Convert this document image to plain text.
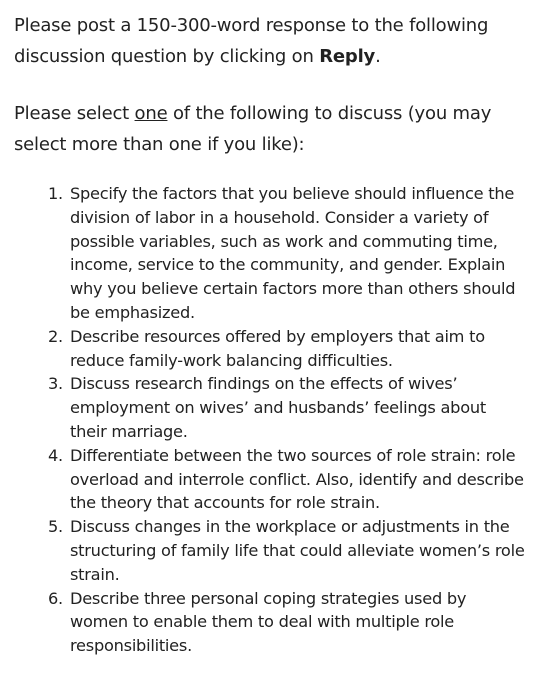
Please post a 150-300-word response to the following discussion question by clicking on Reply.

Please select one of the following to discuss (you may select more than one if you like):

1. Specify the factors that you believe should influence the division of labor in a household. Consider a variety of possible variables, such as work and commuting time, income, service to the community, and gender. Explain why you believe certain factors more than others should be emphasized.
2. Describe resources offered by employers that aim to reduce family-work balancing difficulties.
3. Discuss research findings on the effects of wives’ employment on wives’ and husbands’ feelings about their marriage.
4. Differentiate between the two sources of role strain: role overload and interrole conflict. Also, identify and describe the theory that accounts for role strain.
5. Discuss changes in the workplace or adjustments in the structuring of family life that could alleviate women’s role strain.
6. Describe three personal coping strategies used by women to enable them to deal with multiple role responsibilities.
